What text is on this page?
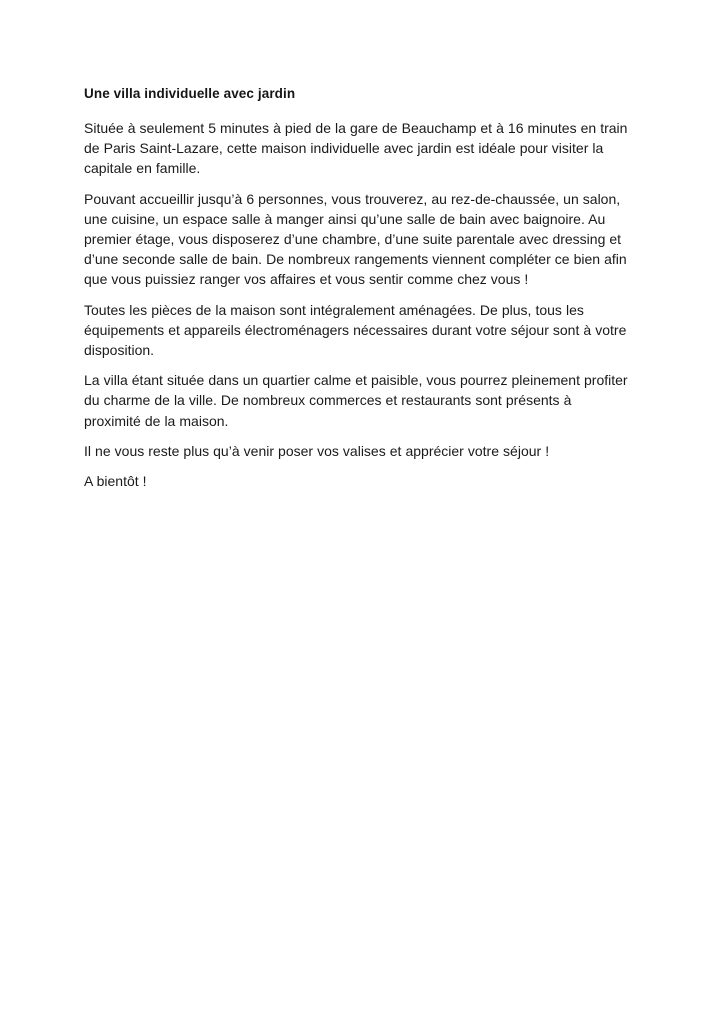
Une villa individuelle avec jardin

Située à seulement 5 minutes à pied de la gare de Beauchamp et à 16 minutes en train de Paris Saint-Lazare, cette maison individuelle avec jardin est idéale pour visiter la capitale en famille.

Pouvant accueillir jusqu’à 6 personnes, vous trouverez, au rez-de-chaussée, un salon, une cuisine, un espace salle à manger ainsi qu’une salle de bain avec baignoire. Au premier étage, vous disposerez d’une chambre, d’une suite parentale avec dressing et d’une seconde salle de bain. De nombreux rangements viennent compléter ce bien afin que vous puissiez ranger vos affaires et vous sentir comme chez vous !

Toutes les pièces de la maison sont intégralement aménagées. De plus, tous les équipements et appareils électroménagers nécessaires durant votre séjour sont à votre disposition.

La villa étant située dans un quartier calme et paisible, vous pourrez pleinement profiter du charme de la ville. De nombreux commerces et restaurants sont présents à proximité de la maison.

Il ne vous reste plus qu’à venir poser vos valises et apprécier votre séjour !

A bientôt !
